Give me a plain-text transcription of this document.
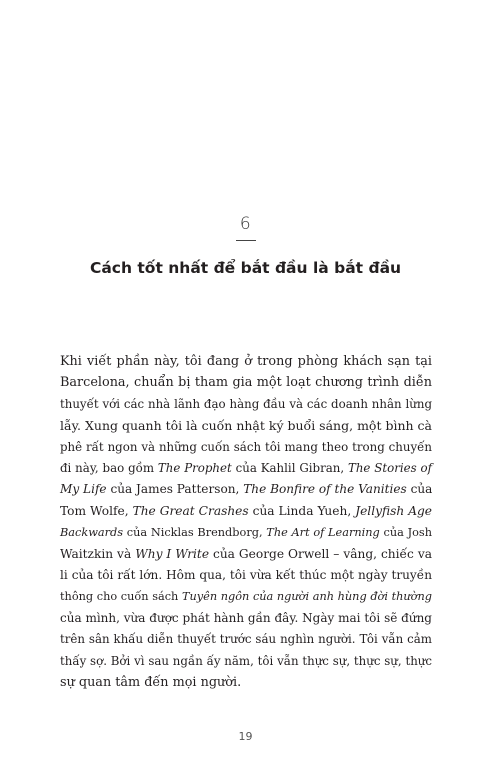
6
Cách tốt nhất để bắt đầu là bắt đầu
Khi viết phần này, tôi đang ở trong phòng khách sạn tại
Barcelona, chuẩn bị tham gia một loạt chương trình diễn
thuyết với các nhà lãnh đạo hàng đầu và các doanh nhân lừng
lẫy. Xung quanh tôi là cuốn nhật ký buổi sáng, một bình cà
phê rất ngon và những cuốn sách tôi mang theo trong chuyến
đi này, bao gồm The Prophet của Kahlil Gibran, The Stories of
My Life của James Patterson, The Bonfire of the Vanities của
Tom Wolfe, The Great Crashes của Linda Yueh, Jellyfish Age
Backwards của Nicklas Brendborg, The Art of Learning của Josh
Waitzkin và Why I Write của George Orwell – vâng, chiếc va
li của tôi rất lớn. Hôm qua, tôi vừa kết thúc một ngày truyền
thông cho cuốn sách Tuyên ngôn của người anh hùng đời thường
của mình, vừa được phát hành gần đây. Ngày mai tôi sẽ đứng
trên sân khấu diễn thuyết trước sáu nghìn người. Tôi vẫn cảm
thấy sợ. Bởi vì sau ngần ấy năm, tôi vẫn thực sự, thực sự, thực
sự quan tâm đến mọi người.
19
